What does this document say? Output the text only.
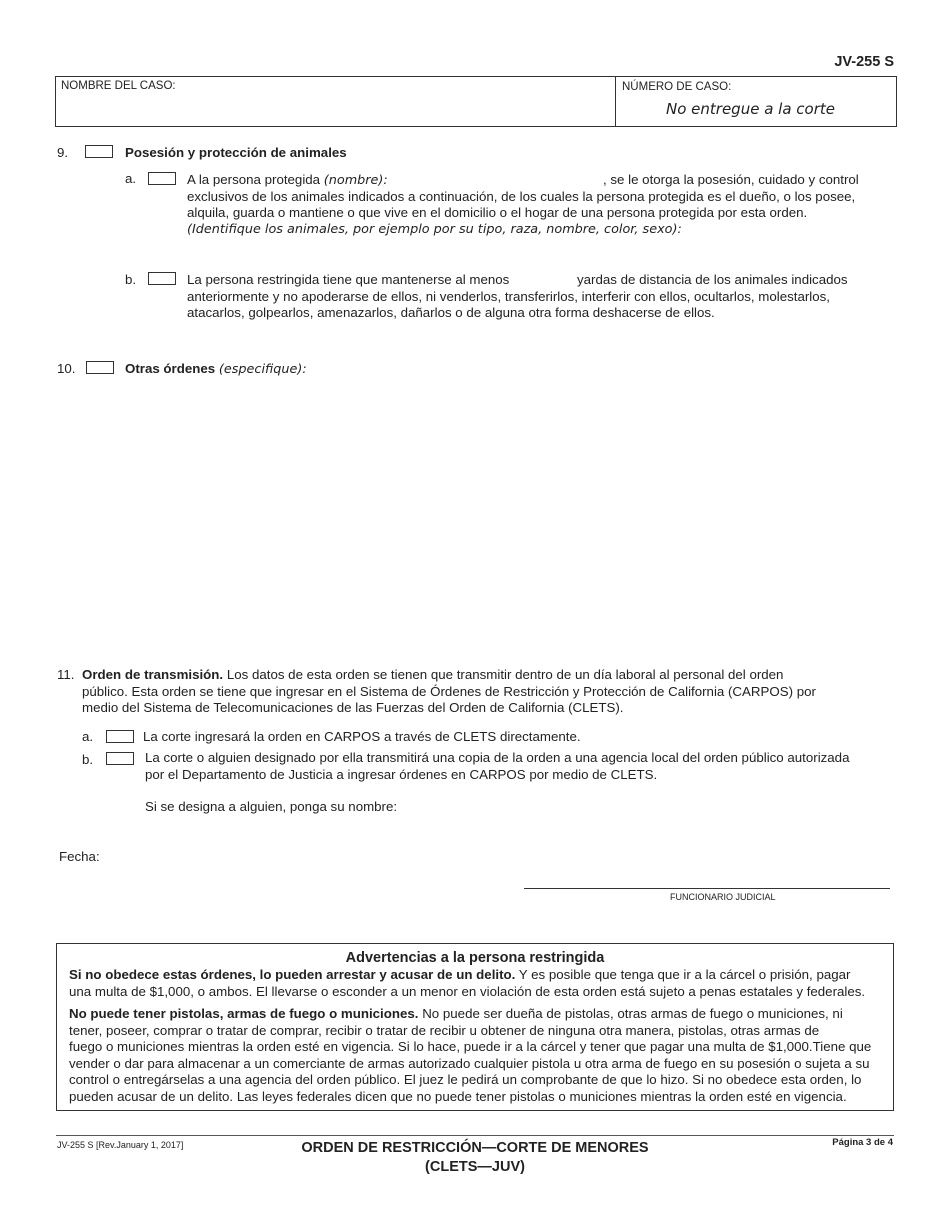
JV-255 S
NOMBRE DEL CASO:	NÚMERO DE CASO:
No entregue a la corte
9.	Posesión y protección de animales
a.	A la persona protegida (nombre):	, se le otorga la posesión, cuidado y control
exclusivos de los animales indicados a continuación, de los cuales la persona protegida es el dueño, o los posee,
alquila, guarda o mantiene o que vive en el domicilio o el hogar de una persona protegida por esta orden.
(Identifique los animales, por ejemplo por su tipo, raza, nombre, color, sexo):
b.	La persona restringida tiene que mantenerse al menos	yardas de distancia de los animales indicados
anteriormente y no apoderarse de ellos, ni venderlos, transferirlos, interferir con ellos, ocultarlos, molestarlos,
atacarlos, golpearlos, amenazarlos, dañarlos o de alguna otra forma deshacerse de ellos.
10.	Otras órdenes (especifique):
11. Orden de transmisión. Los datos de esta orden se tienen que transmitir dentro de un día laboral al personal del orden
público. Esta orden se tiene que ingresar en el Sistema de Órdenes de Restricción y Protección de California (CARPOS) por
medio del Sistema de Telecomunicaciones de las Fuerzas del Orden de California (CLETS).
a.	La corte ingresará la orden en CARPOS a través de CLETS directamente.
b.	La corte o alguien designado por ella transmitirá una copia de la orden a una agencia local del orden público autorizada
por el Departamento de Justicia a ingresar órdenes en CARPOS por medio de CLETS.
Si se designa a alguien, ponga su nombre:
Fecha:
FUNCIONARIO JUDICIAL
Advertencias a la persona restringida
Si no obedece estas órdenes, lo pueden arrestar y acusar de un delito. Y es posible que tenga que ir a la cárcel o prisión, pagar
una multa de $1,000, o ambos. El llevarse o esconder a un menor en violación de esta orden está sujeto a penas estatales y federales.
No puede tener pistolas, armas de fuego o municiones. No puede ser dueña de pistolas, otras armas de fuego o municiones, ni
tener, poseer, comprar o tratar de comprar, recibir o tratar de recibir u obtener de ninguna otra manera, pistolas, otras armas de
fuego o municiones mientras la orden esté en vigencia. Si lo hace, puede ir a la cárcel y tener que pagar una multa de $1,000.Tiene que
vender o dar para almacenar a un comerciante de armas autorizado cualquier pistola u otra arma de fuego en su posesión o sujeta a su
control o entregárselas a una agencia del orden público. El juez le pedirá un comprobante de que lo hizo. Si no obedece esta orden, lo
pueden acusar de un delito. Las leyes federales dicen que no puede tener pistolas o municiones mientras la orden esté en vigencia.
JV-255 S [Rev.January 1, 2017]	ORDEN DE RESTRICCIÓN—CORTE DE MENORES
(CLETS—JUV)
Página 3 de 4
